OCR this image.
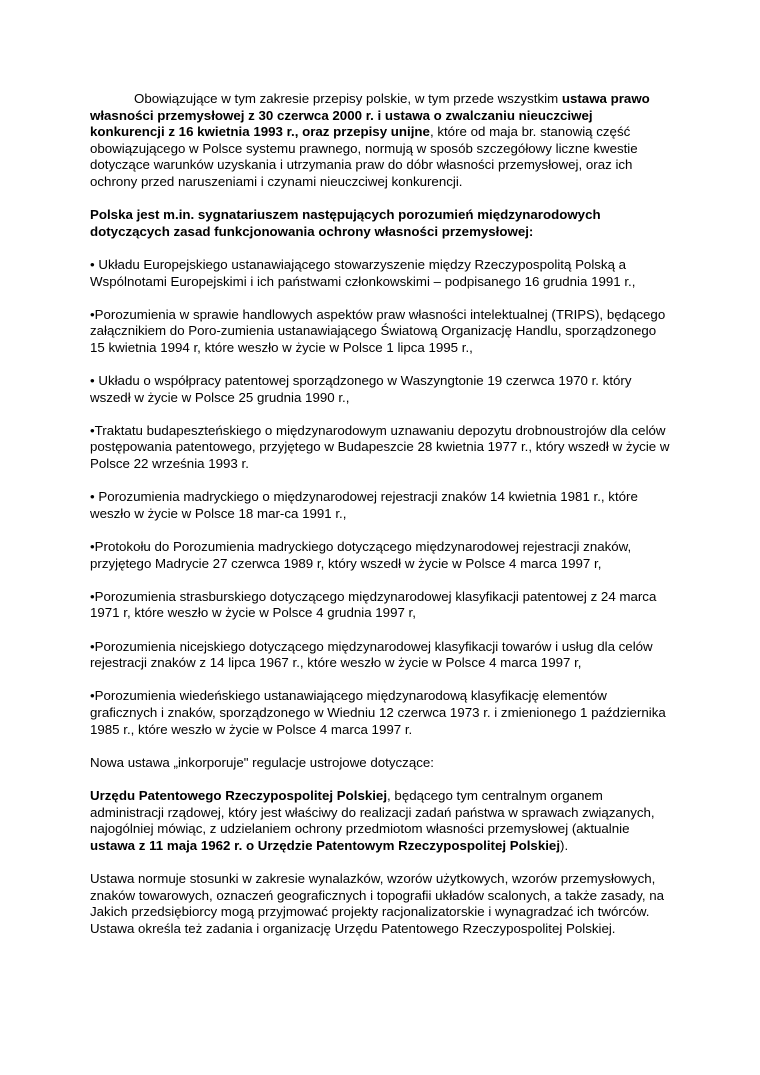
Obowiązujące w tym zakresie przepisy polskie, w tym przede wszystkim ustawa prawo własności przemysłowej z 30 czerwca 2000 r. i ustawa o zwalczaniu nieuczciwej konkurencji z 16 kwietnia 1993 r., oraz przepisy unijne, które od maja br. stanowią część obowiązującego w Polsce systemu prawnego, normują w sposób szczegółowy liczne kwestie dotyczące warunków uzyskania i utrzymania praw do dóbr własności przemysłowej, oraz ich ochrony przed naruszeniami i czynami nieuczciwej konkurencji.

Polska jest m.in. sygnatariuszem następujących porozumień międzynarodowych dotyczących zasad funkcjonowania ochrony własności przemysłowej:

• Układu Europejskiego ustanawiającego stowarzyszenie między Rzeczypospolitą Polską a Wspólnotami Europejskimi i ich państwami członkowskimi – podpisanego 16 grudnia 1991 r.,

•Porozumienia w sprawie handlowych aspektów praw własności intelektualnej (TRIPS), będącego załącznikiem do Poro-zumienia ustanawiającego Światową Organizację Handlu, sporządzonego 15 kwietnia 1994 r, które weszło w życie w Polsce 1 lipca 1995 r.,

• Układu o współpracy patentowej sporządzonego w Waszyngtonie 19 czerwca 1970 r. który wszedł w życie w Polsce 25 grudnia 1990 r.,

•Traktatu budapeszteńskiego o międzynarodowym uznawaniu depozytu drobnoustrojów dla celów postępowania patentowego, przyjętego w Budapeszcie 28 kwietnia 1977 r., który wszedł w życie w Polsce 22 września 1993 r.

• Porozumienia madryckiego o międzynarodowej rejestracji znaków 14 kwietnia 1981 r., które weszło w życie w Polsce 18 mar-ca 1991 r.,

•Protokołu do Porozumienia madryckiego dotyczącego międzynarodowej rejestracji znaków, przyjętego Madrycie 27 czerwca 1989 r, który wszedł w życie w Polsce 4 marca 1997 r,

•Porozumienia strasburskiego dotyczącego międzynarodowej klasyfikacji patentowej z 24 marca 1971 r, które weszło w życie w Polsce 4 grudnia 1997 r,

•Porozumienia nicejskiego dotyczącego międzynarodowej klasyfikacji towarów i usług dla celów rejestracji znaków z 14 lipca 1967 r., które weszło w życie w Polsce 4 marca 1997 r,

•Porozumienia wiedeńskiego ustanawiającego międzynarodową klasyfikację elementów graficznych i znaków, sporządzonego w Wiedniu 12 czerwca 1973 r. i zmienionego 1 października 1985 r., które weszło w życie w Polsce 4 marca 1997 r.

Nowa ustawa „inkorporuje" regulacje ustrojowe dotyczące:

Urzędu Patentowego Rzeczypospolitej Polskiej, będącego tym centralnym organem administracji rządowej, który jest właściwy do realizacji zadań państwa w sprawach związanych, najogólniej mówiąc, z udzielaniem ochrony przedmiotom własności przemysłowej (aktualnie ustawa z 11 maja 1962 r. o Urzędzie Patentowym Rzeczypospolitej Polskiej).

Ustawa normuje stosunki w zakresie wynalazków, wzorów użytkowych, wzorów przemysłowych, znaków towarowych, oznaczeń geograficznych i topografii układów scalonych, a także zasady, na Jakich przedsiębiorcy mogą przyjmować projekty racjonalizatorskie i wynagradzać ich twórców. Ustawa określa też zadania i organizację Urzędu Patentowego Rzeczypospolitej Polskiej.
